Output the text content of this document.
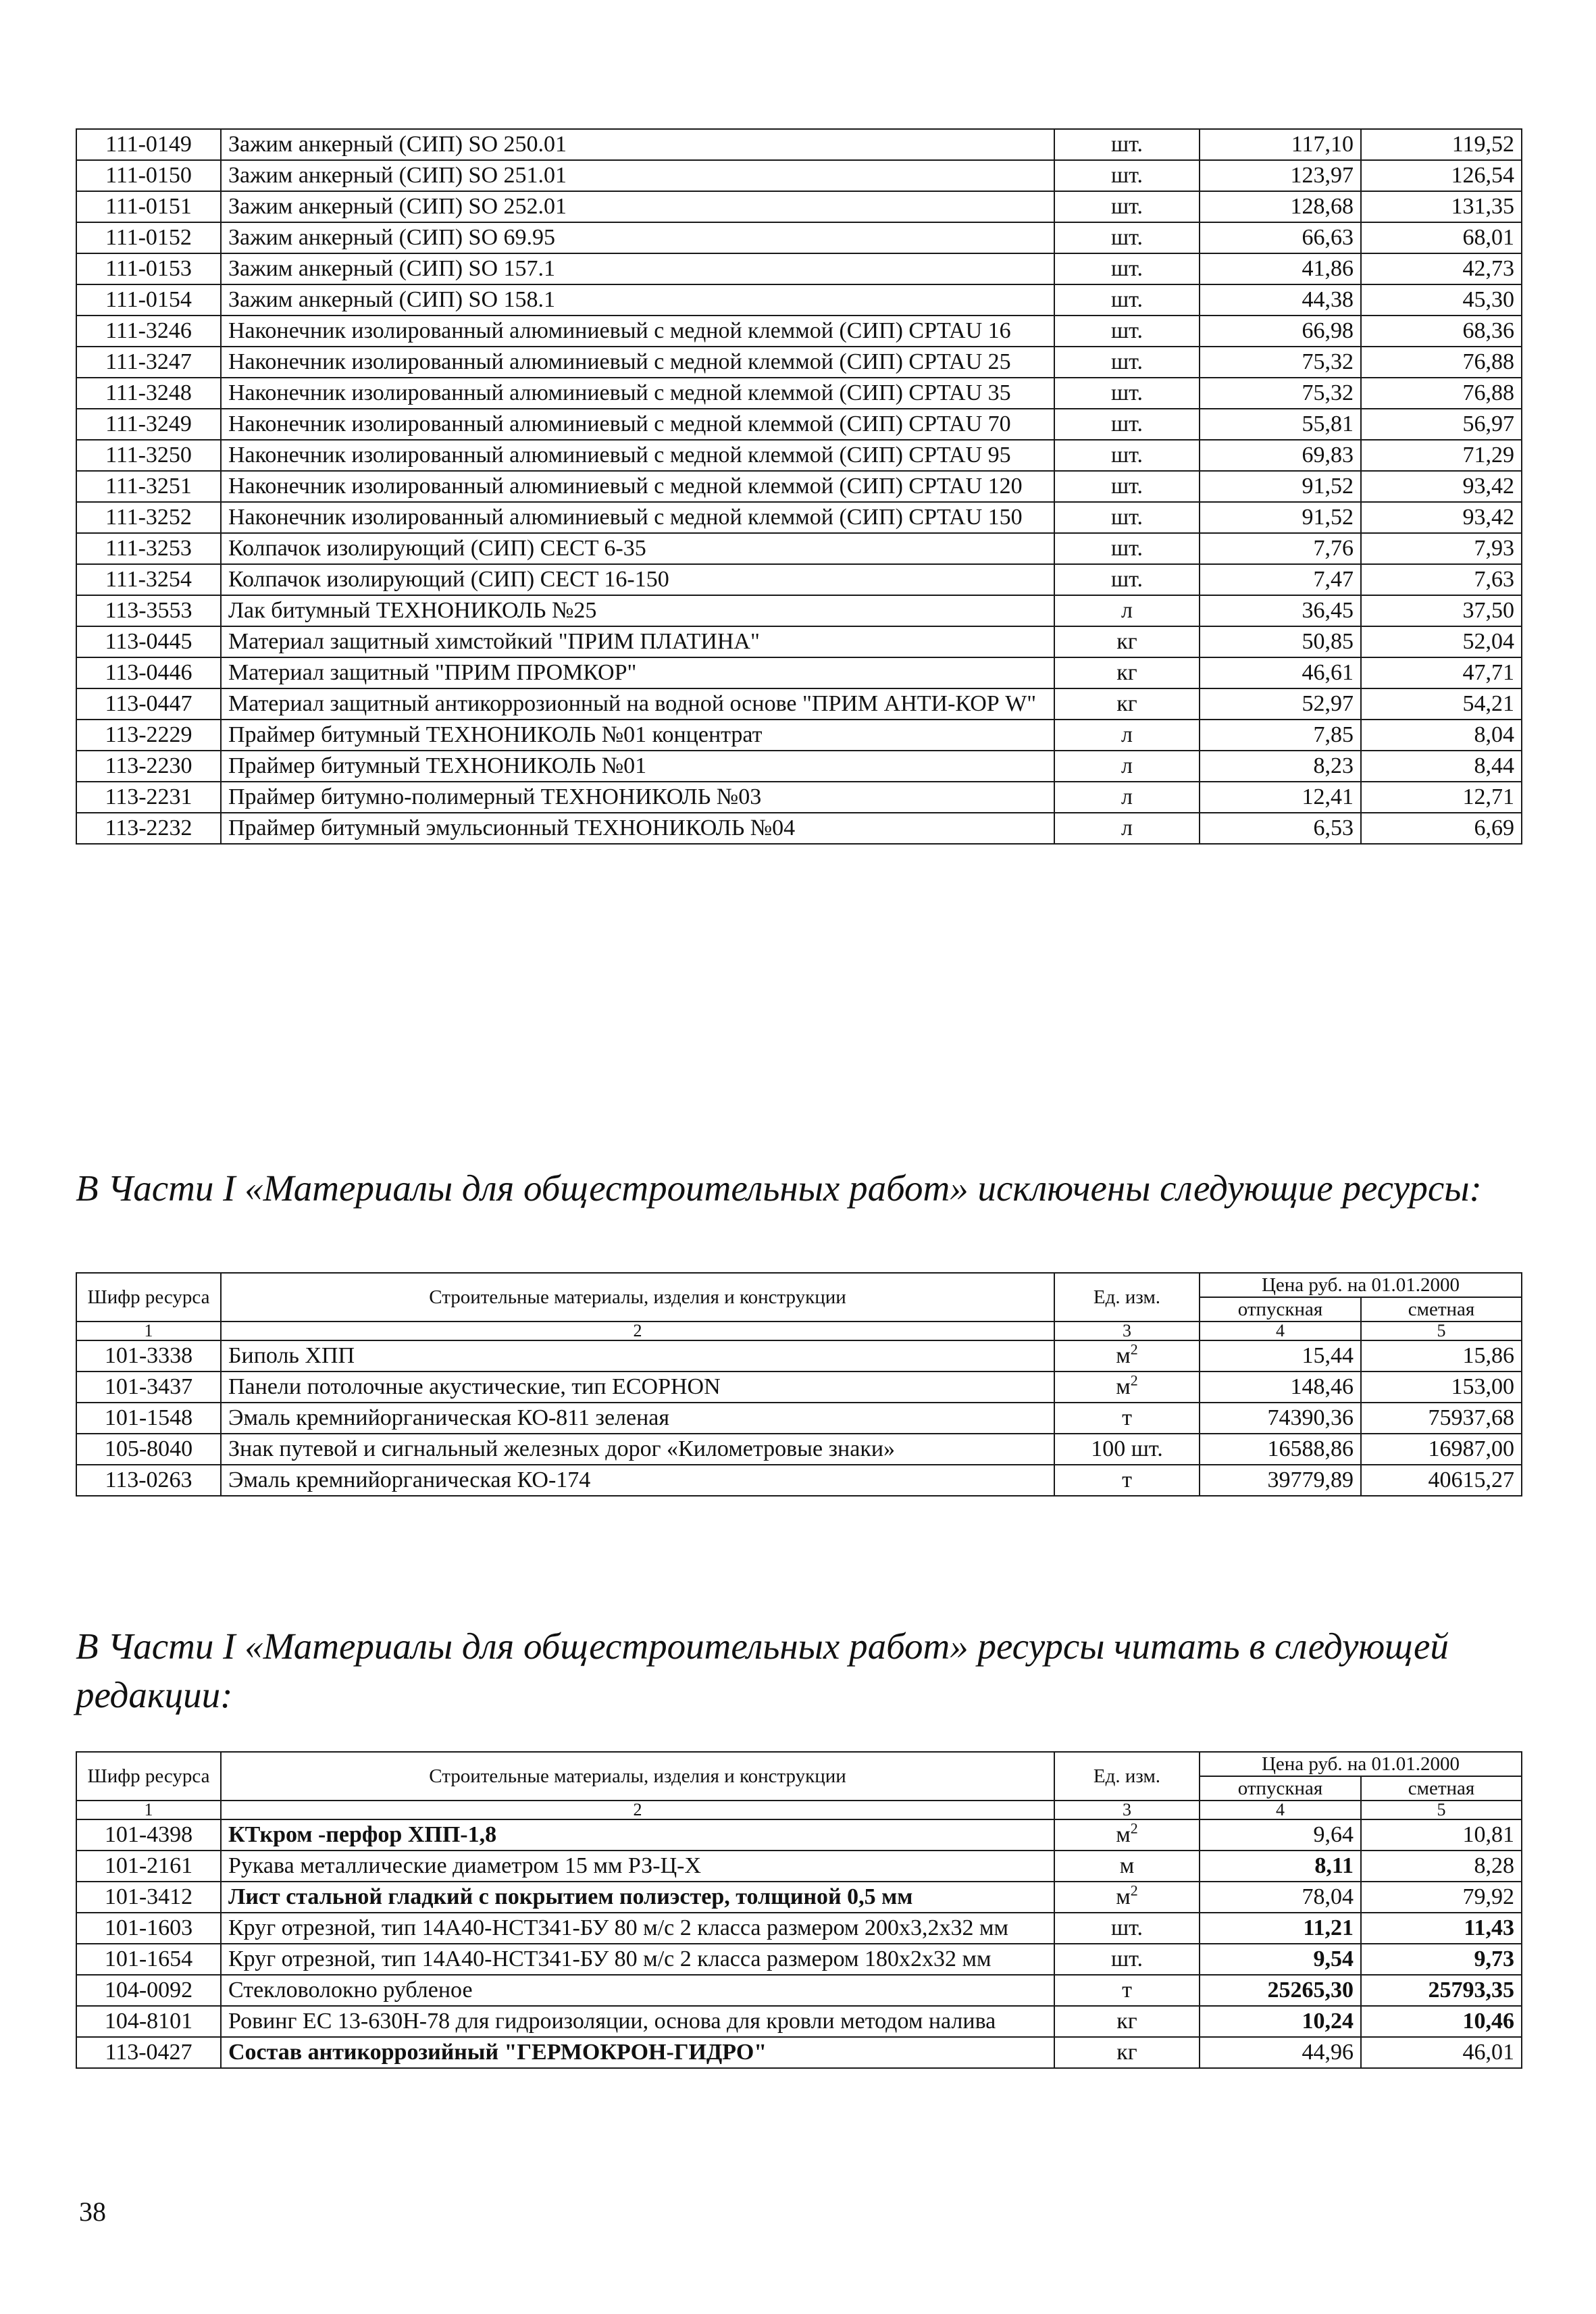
111-0149	Зажим анкерный (СИП) SO 250.01	шт.	117,10	119,52
111-0150	Зажим анкерный (СИП) SO 251.01	шт.	123,97	126,54
111-0151	Зажим анкерный (СИП) SO 252.01	шт.	128,68	131,35
111-0152	Зажим анкерный (СИП) SO 69.95	шт.	66,63	68,01
111-0153	Зажим анкерный (СИП) SO 157.1	шт.	41,86	42,73
111-0154	Зажим анкерный (СИП) SO 158.1	шт.	44,38	45,30
111-3246	Наконечник изолированный алюминиевый с медной клеммой (СИП) CPTAU 16	шт.	66,98	68,36
111-3247	Наконечник изолированный алюминиевый с медной клеммой (СИП) CPTAU 25	шт.	75,32	76,88
111-3248	Наконечник изолированный алюминиевый с медной клеммой (СИП) CPTAU 35	шт.	75,32	76,88
111-3249	Наконечник изолированный алюминиевый с медной клеммой (СИП) CPTAU 70	шт.	55,81	56,97
111-3250	Наконечник изолированный алюминиевый с медной клеммой (СИП) CPTAU 95	шт.	69,83	71,29
111-3251	Наконечник изолированный алюминиевый с медной клеммой (СИП) CPTAU 120	шт.	91,52	93,42
111-3252	Наконечник изолированный алюминиевый с медной клеммой (СИП) CPTAU 150	шт.	91,52	93,42
111-3253	Колпачок изолирующий (СИП) CECT 6-35	шт.	7,76	7,93
111-3254	Колпачок изолирующий (СИП) CECT 16-150	шт.	7,47	7,63
113-3553	Лак битумный ТЕХНОНИКОЛЬ №25	л	36,45	37,50
113-0445	Материал защитный химстойкий "ПРИМ ПЛАТИНА"	кг	50,85	52,04
113-0446	Материал защитный "ПРИМ ПРОМКОР"	кг	46,61	47,71
113-0447	Материал защитный антикоррозионный на водной основе "ПРИМ АНТИ-КОР W"	кг	52,97	54,21
113-2229	Праймер битумный ТЕХНОНИКОЛЬ №01 концентрат	л	7,85	8,04
113-2230	Праймер битумный ТЕХНОНИКОЛЬ №01	л	8,23	8,44
113-2231	Праймер битумно-полимерный ТЕХНОНИКОЛЬ №03	л	12,41	12,71
113-2232	Праймер битумный эмульсионный ТЕХНОНИКОЛЬ №04	л	6,53	6,69
В Части I «Материалы для общестроительных работ» исключены следующие ресурсы:
Шифр ресурса	Строительные материалы, изделия и конструкции	Ед. изм.	Цена руб. на 01.01.2000	
			отпускная	сметная
1	2	3	4	5
101-3338	Биполь ХПП	$м^2$	15,44	15,86
101-3437	Панели потолочные акустические, тип ECOPHON	$м^2$	148,46	153,00
101-1548	Эмаль кремнийорганическая КО-811 зеленая	т	74390,36	75937,68
105-8040	Знак путевой и сигнальный железных дорог «Километровые знаки»	100 шт.	16588,86	16987,00
113-0263	Эмаль кремнийорганическая КО-174	т	39779,89	40615,27
В Части I «Материалы для общестроительных работ» ресурсы читать в следующей редакции:
Шифр ресурса	Строительные материалы, изделия и конструкции	Ед. изм.	Цена руб. на 01.01.2000	
			отпускная	сметная
1	2	3	4	5
101-4398	КТкром -перфор ХПП-1,8	$м^2$	9,64	10,81
101-2161	Рукава металлические диаметром 15 мм РЗ-Ц-Х	м	8,11	8,28
101-3412	Лист стальной гладкий с покрытием полиэстер, толщиной 0,5 мм	$м^2$	78,04	79,92
101-1603	Круг отрезной, тип 14А40-НСТ341-БУ 80 м/с 2 класса размером 200х3,2х32 мм	шт.	11,21	11,43
101-1654	Круг отрезной, тип 14А40-НСТ341-БУ 80 м/с 2 класса размером 180х2х32 мм	шт.	9,54	9,73
104-0092	Стекловолокно рубленое	т	25265,30	25793,35
104-8101	Ровинг ЕС 13-630Н-78 для гидроизоляции, основа для кровли методом налива	кг	10,24	10,46
113-0427	Состав антикоррозийный "ГЕРМОКРОН-ГИДРО"	кг	44,96	46,01
38
